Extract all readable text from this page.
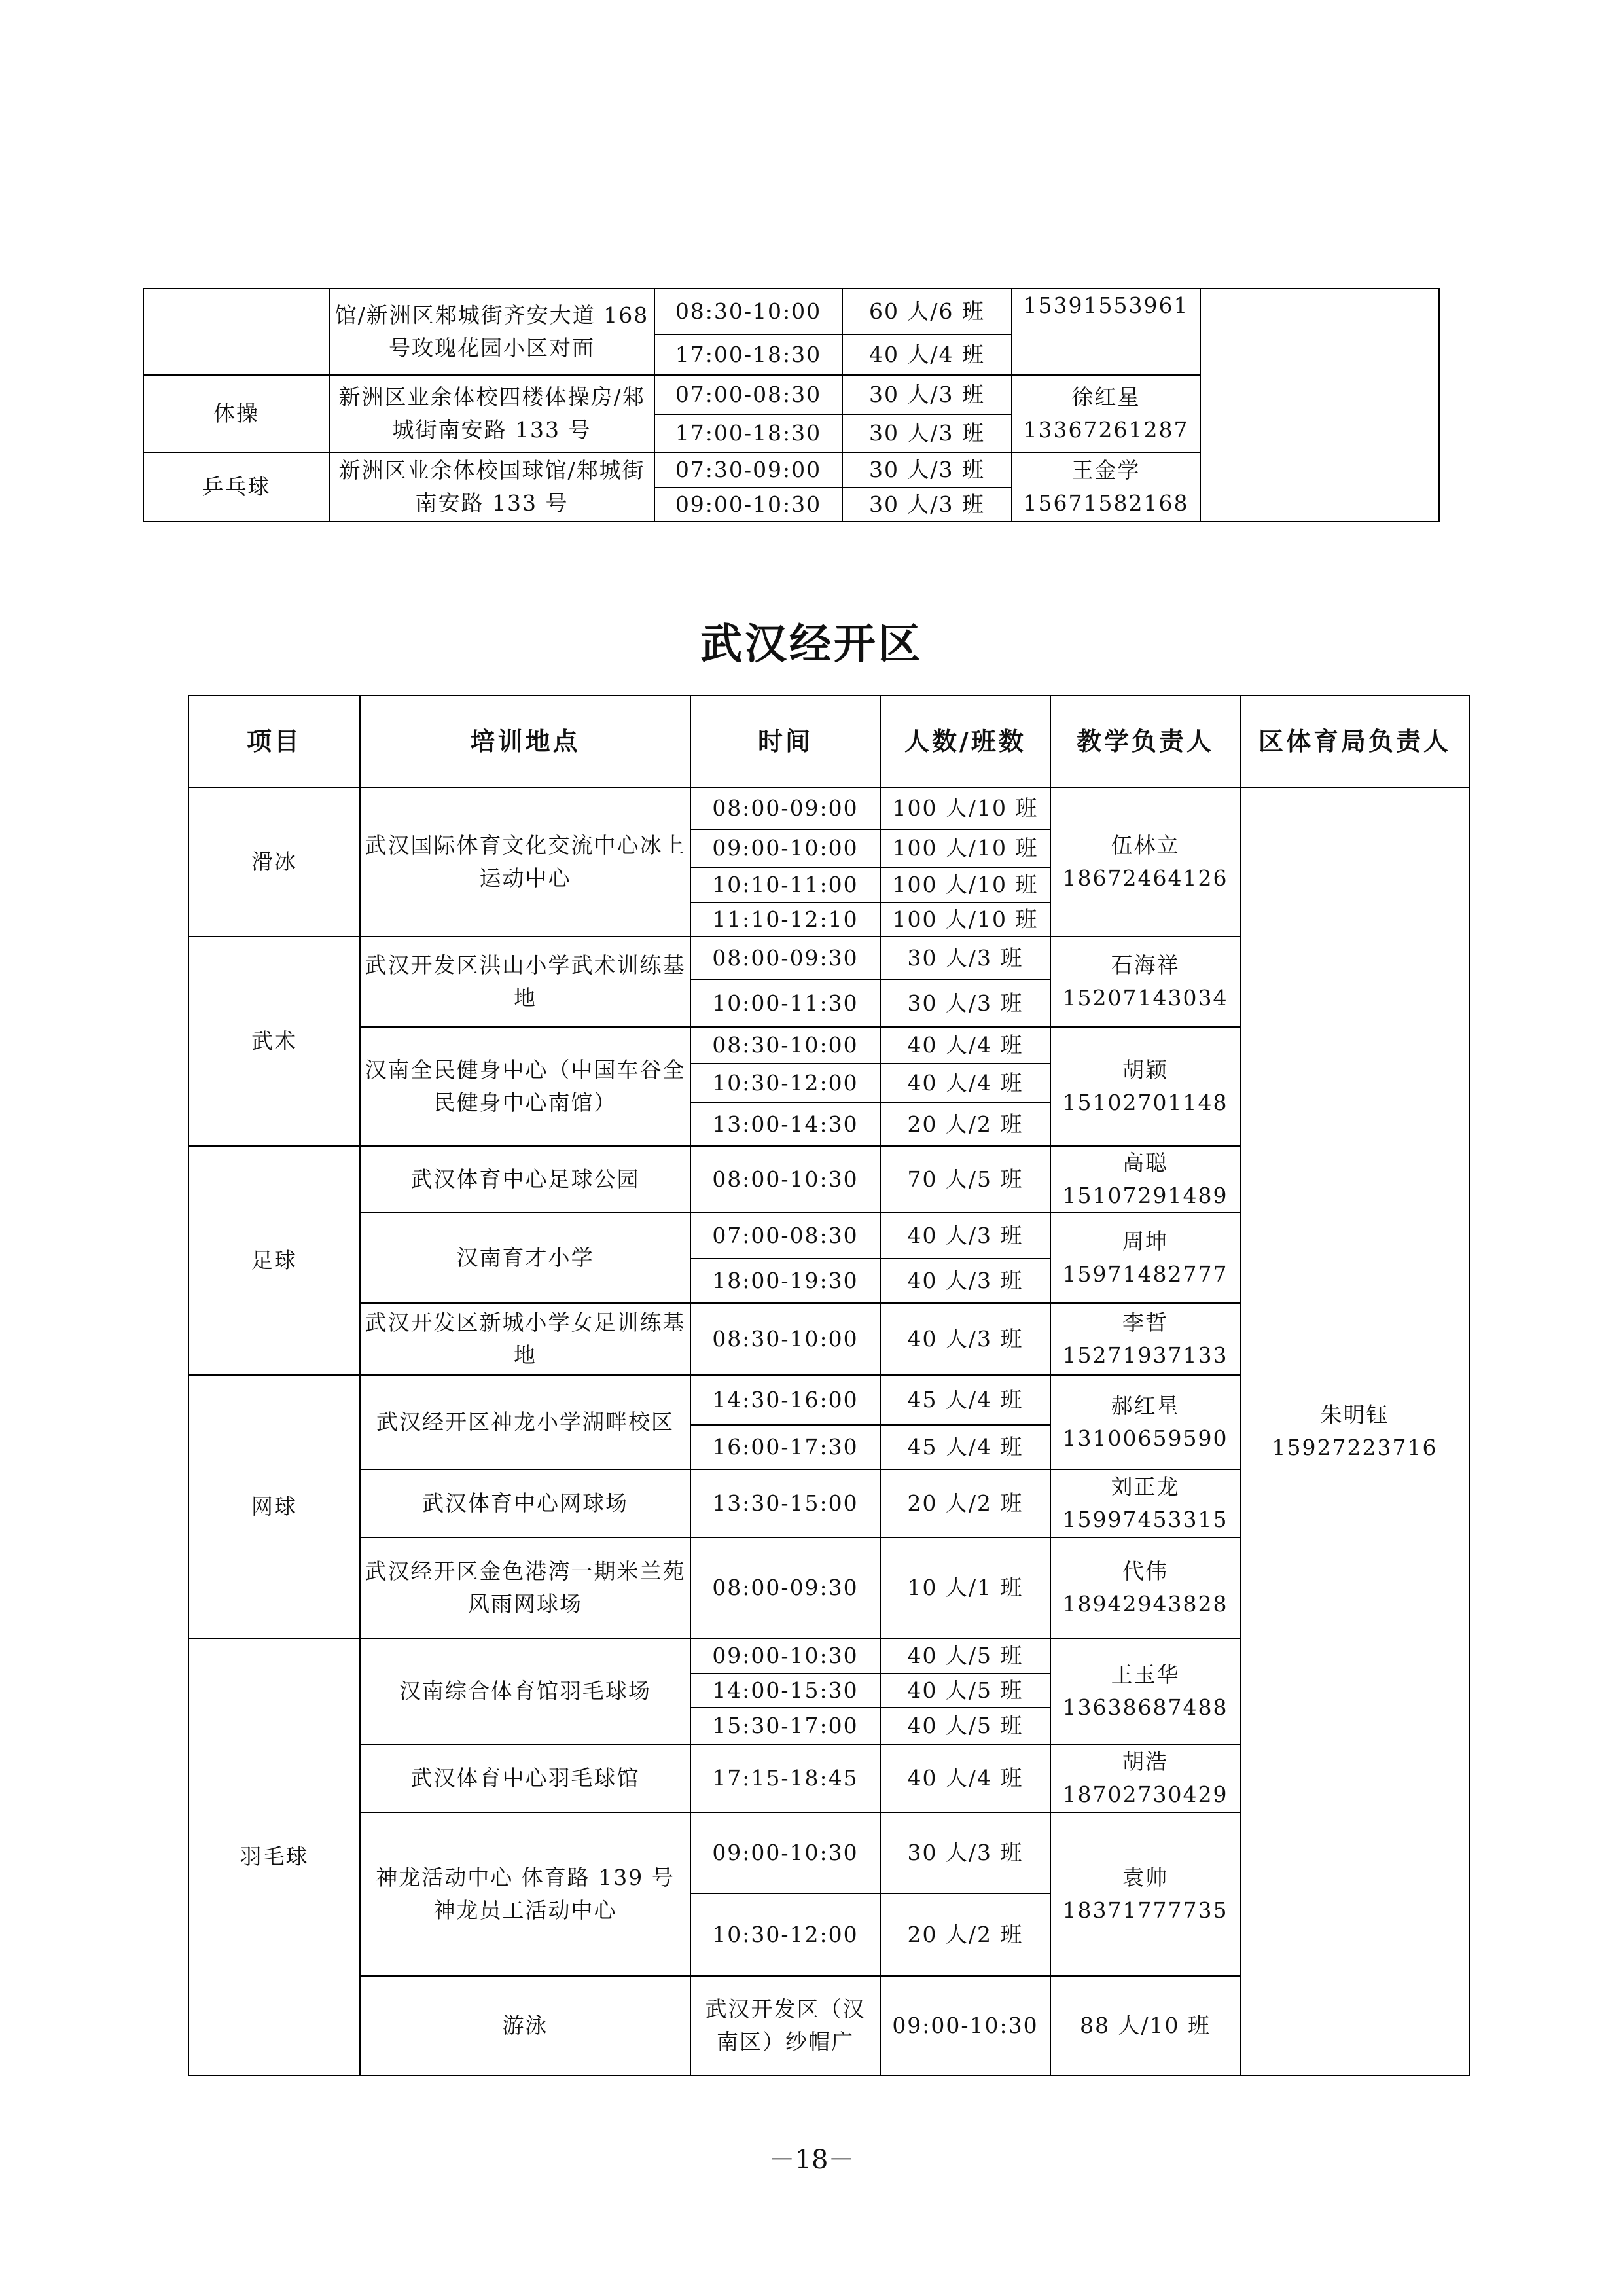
	馆/新洲区邾城街齐安大道 168 号玫瑰花园小区对面	08:30-10:00	60 人/6 班	15391553961	
		17:00-18:30	40 人/4 班		
体操	新洲区业余体校四楼体操房/邾城街南安路 133 号	07:00-08:30	30 人/3 班	徐红星 13367261287	
		17:00-18:30	30 人/3 班		
乒乓球	新洲区业余体校国球馆/邾城街南安路 133 号	07:30-09:00	30 人/3 班	王金学 15671582168	
		09:00-10:30	30 人/3 班		
武汉经开区
项目	培训地点	时间	人数/班数	教学负责人	区体育局负责人	
滑冰	武汉国际体育文化交流中心冰上运动中心	08:00-09:00	100 人/10 班	伍林立 18672464126	朱明钰 15927223716	
		09:00-10:00	100 人/10 班			
		10:10-11:00	100 人/10 班			
		11:10-12:10	100 人/10 班			
武术	武汉开发区洪山小学武术训练基地	08:00-09:30	30 人/3 班	石海祥 15207143034		
		10:00-11:30	30 人/3 班			
	汉南全民健身中心（中国车谷全民健身中心南馆）	08:30-10:00	40 人/4 班	胡颖 15102701148		
		10:30-12:00	40 人/4 班			
		13:00-14:30	20 人/2 班			
足球	武汉体育中心足球公园	08:00-10:30	70 人/5 班	高聪 15107291489		
	汉南育才小学	07:00-08:30	40 人/3 班	周坤 15971482777		
		18:00-19:30	40 人/3 班			
	武汉开发区新城小学女足训练基地	08:30-10:00	40 人/3 班	李哲 15271937133		
网球	武汉经开区神龙小学湖畔校区	14:30-16:00	45 人/4 班	郝红星 13100659590		
		16:00-17:30	45 人/4 班			
	武汉体育中心网球场	13:30-15:00	20 人/2 班	刘正龙 15997453315		
	武汉经开区金色港湾一期米兰苑 风雨网球场	08:00-09:30	10 人/1 班	代伟 18942943828		
羽毛球	汉南综合体育馆羽毛球场	09:00-10:30	40 人/5 班	王玉华 13638687488		
		14:00-15:30	40 人/5 班			
		15:30-17:00	40 人/5 班			
	武汉体育中心羽毛球馆	17:15-18:45	40 人/4 班	胡浩 18702730429		
	神龙活动中心 体育路 139 号神龙员工活动中心	09:00-10:30	30 人/3 班	袁帅 18371777735		
		10:30-12:00	20 人/2 班			
	游泳	武汉开发区（汉南区）纱帽广	09:00-10:30	88 人/10 班	
－18－
